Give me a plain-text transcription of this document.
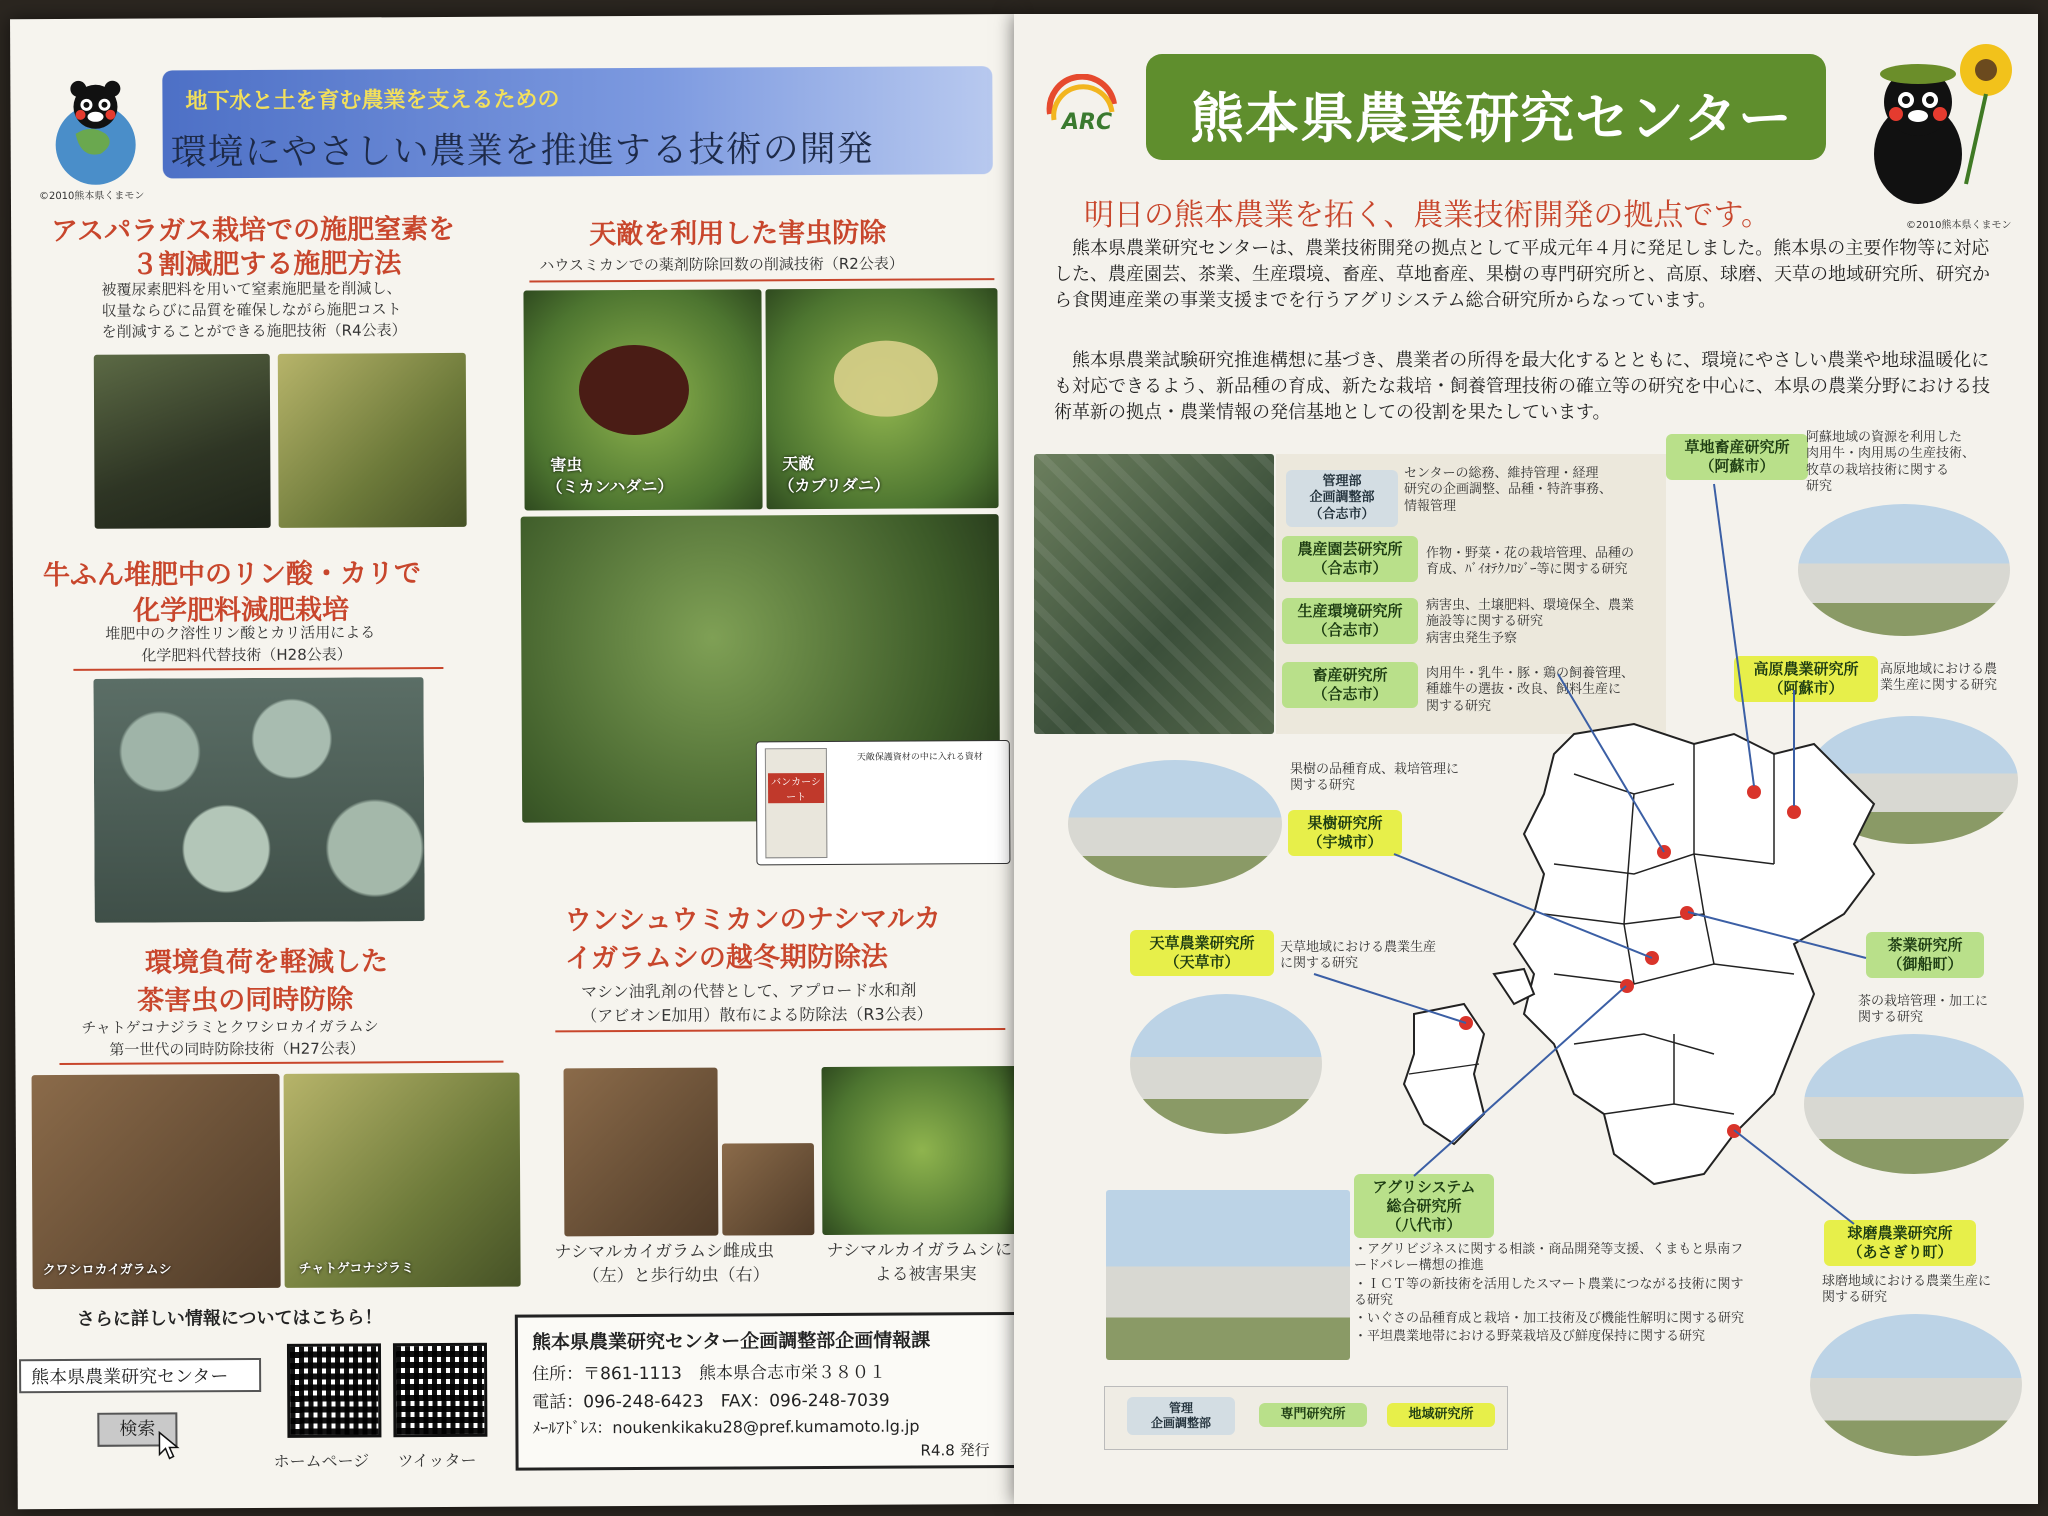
©2010熊本県くまモン
地下水と土を育む農業を支えるための
環境にやさしい農業を推進する技術の開発
アスパラガス栽培での施肥窒素を
３割減肥する施肥方法
被覆尿素肥料を用いて窒素施肥量を削減し、
収量ならびに品質を確保しながら施肥コスト
を削減することができる施肥技術（R4公表）
天敵を利用した害虫防除
ハウスミカンでの薬剤防除回数の削減技術（R2公表）
害虫
（ミカンハダニ）
天敵
（カブリダニ）
バンカーシート
天敵保護資材の中に入れる資材
牛ふん堆肥中のリン酸・カリで
化学肥料減肥栽培
堆肥中のク溶性リン酸とカリ活用による
化学肥料代替技術（H28公表）
環境負荷を軽減した
茶害虫の同時防除
チャトゲコナジラミとクワシロカイガラムシ
第一世代の同時防除技術（H27公表）
クワシロカイガラムシ	チャトゲコナジラミ
ウンシュウミカンのナシマルカ
イガラムシの越冬期防除法
マシン油乳剤の代替として、アプロード水和剤
（アビオンE加用）散布による防除法（R3公表）
ナシマルカイガラムシ雌成虫
（左）と歩行幼虫（右）
ナシマルカイガラムシに
よる被害果実
さらに詳しい情報についてはこちら！
熊本県農業研究センター
検索
ホームページ ツイッター
熊本県農業研究センター企画調整部企画情報課
住所：〒861-1113　熊本県合志市栄３８０１
電話：096-248-6423　FAX：096-248-7039
ﾒｰﾙｱﾄﾞﾚｽ：noukenkikaku28@pref.kumamoto.lg.jp
R4.8 発行
ARC 熊本県農業研究センター
©2010熊本県くまモン
明日の熊本農業を拓く、農業技術開発の拠点です。
熊本県農業研究センターは、農業技術開発の拠点として平成元年４月に発足しました。熊本県の主要作物等に対応した、農産園芸、茶業、生産環境、畜産、草地畜産、果樹の専門研究所と、高原、球磨、天草の地域研究所、研究から食関連産業の事業支援までを行うアグリシステム総合研究所からなっています。
熊本県農業試験研究推進構想に基づき、農業者の所得を最大化するとともに、環境にやさしい農業や地球温暖化にも対応できるよう、新品種の育成、新たな栽培・飼養管理技術の確立等の研究を中心に、本県の農業分野における技術革新の拠点・農業情報の発信基地としての役割を果たしています。
管理部
企画調整部
（合志市）
センターの総務、維持管理・経理
研究の企画調整、品種・特許事務、
情報管理
農産園芸研究所
（合志市）
作物・野菜・花の栽培管理、品種の
育成、ﾊﾞｲｵﾃｸﾉﾛｼﾞｰ等に関する研究
生産環境研究所
（合志市）
病害虫、土壌肥料、環境保全、農業
施設等に関する研究
病害虫発生予察
畜産研究所
（合志市）
肉用牛・乳牛・豚・鶏の飼養管理、
種雄牛の選抜・改良、飼料生産に
関する研究
草地畜産研究所
（阿蘇市）
阿蘇地域の資源を利用した
肉用牛・肉用馬の生産技術、
牧草の栽培技術に関する
研究
高原農業研究所
（阿蘇市）
高原地域における農
業生産に関する研究
果樹の品種育成、栽培管理に
関する研究
果樹研究所
（宇城市）
天草農業研究所
（天草市）
天草地域における農業生産
に関する研究
茶業研究所
（御船町）
茶の栽培管理・加工に
関する研究
アグリシステム
総合研究所
（八代市）
・アグリビジネスに関する相談・商品開発等支援、くまもと県南フードバレー構想の推進
・ＩＣＴ等の新技術を活用したスマート農業につながる技術に関する研究
・いぐさの品種育成と栽培・加工技術及び機能性解明に関する研究
・平坦農業地帯における野菜栽培及び鮮度保持に関する研究
球磨農業研究所
（あさぎり町）
球磨地域における農業生産に
関する研究
管理
企画調整部
専門研究所	地域研究所
